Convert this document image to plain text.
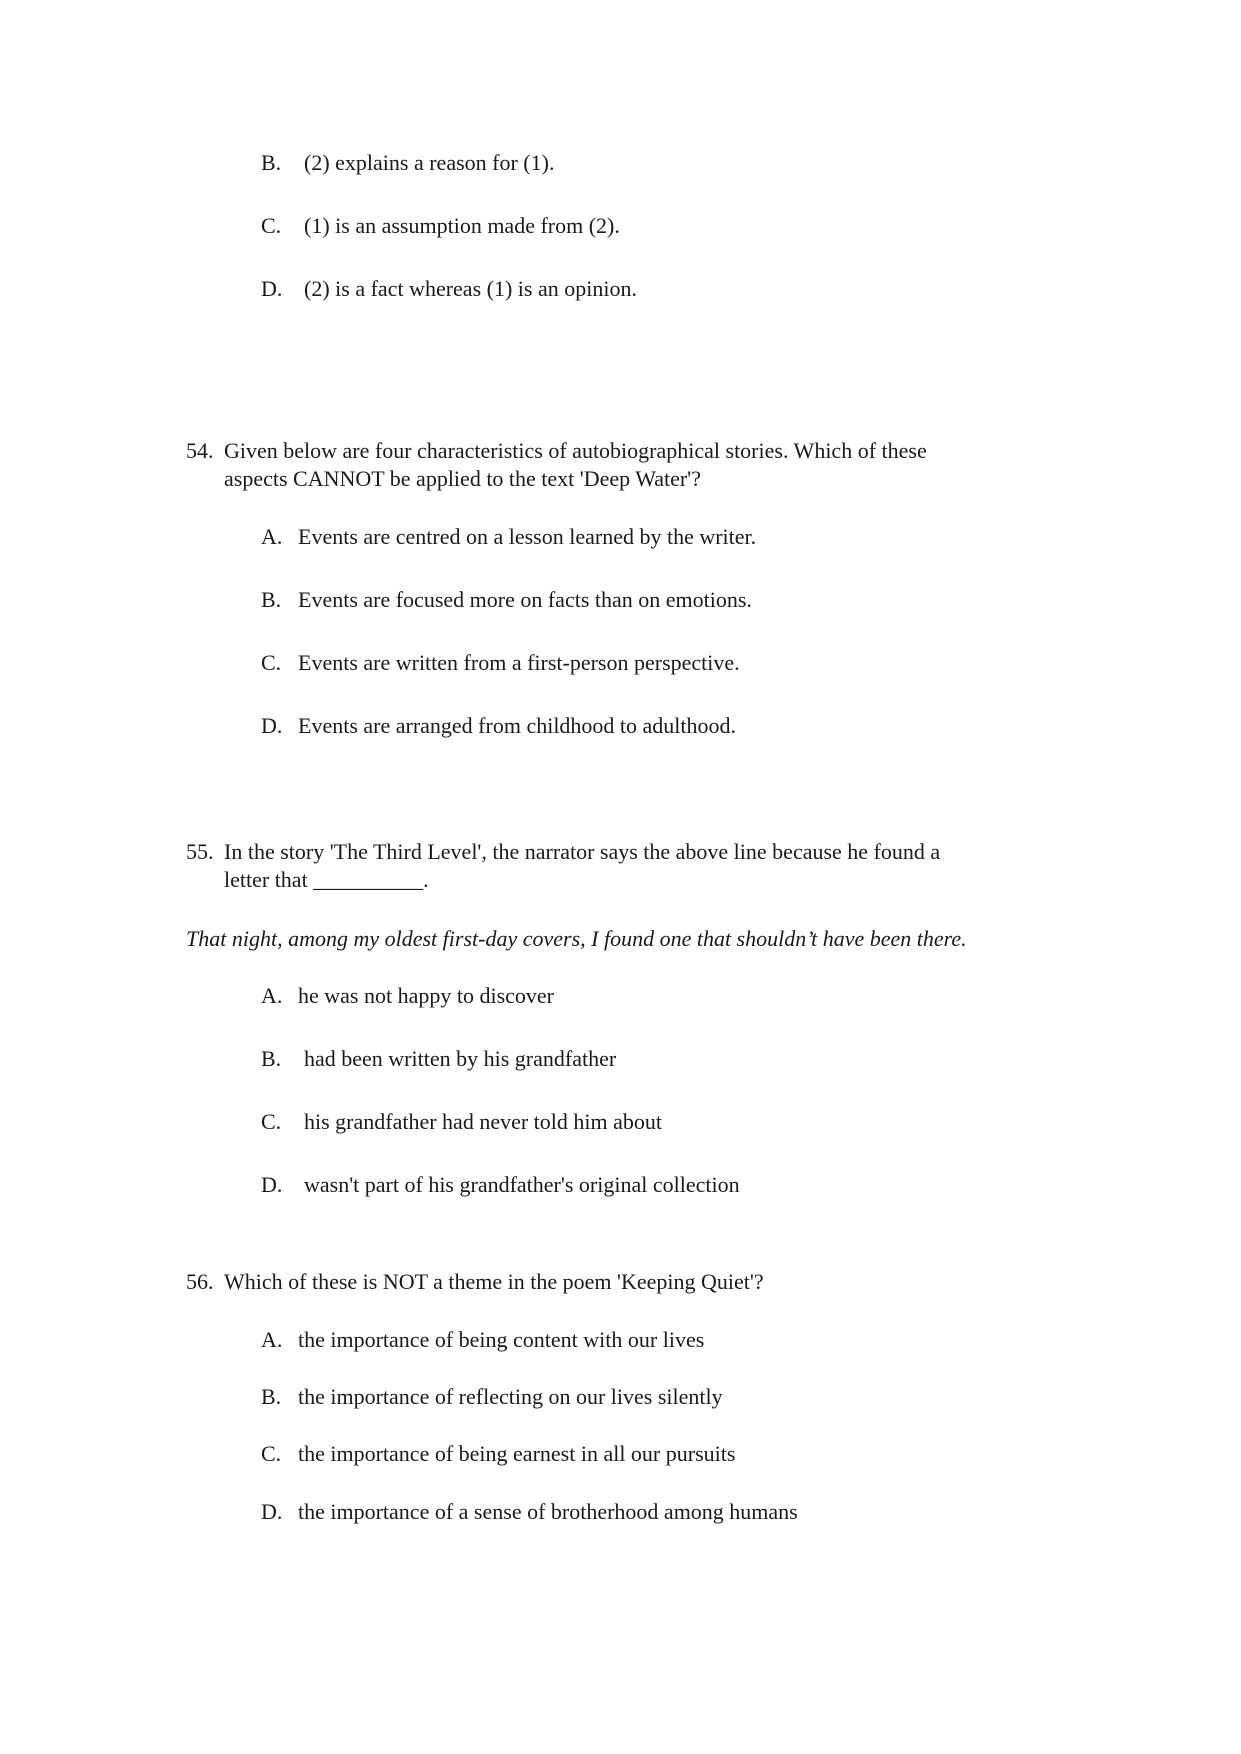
B. (2) explains a reason for (1).
C. (1) is an assumption made from (2).
D. (2) is a fact whereas (1) is an opinion.
54. Given below are four characteristics of autobiographical stories. Which of these
aspects CANNOT be applied to the text 'Deep Water'?
A. Events are centred on a lesson learned by the writer.
B. Events are focused more on facts than on emotions.
C. Events are written from a first-person perspective.
D. Events are arranged from childhood to adulthood.
55. In the story 'The Third Level', the narrator says the above line because he found a
letter that __________.
That night, among my oldest first-day covers, I found one that shouldn’t have been there.
A. he was not happy to discover
B. had been written by his grandfather
C. his grandfather had never told him about
D. wasn't part of his grandfather's original collection
56. Which of these is NOT a theme in the poem 'Keeping Quiet'?
A. the importance of being content with our lives
B. the importance of reflecting on our lives silently
C. the importance of being earnest in all our pursuits
D. the importance of a sense of brotherhood among humans
